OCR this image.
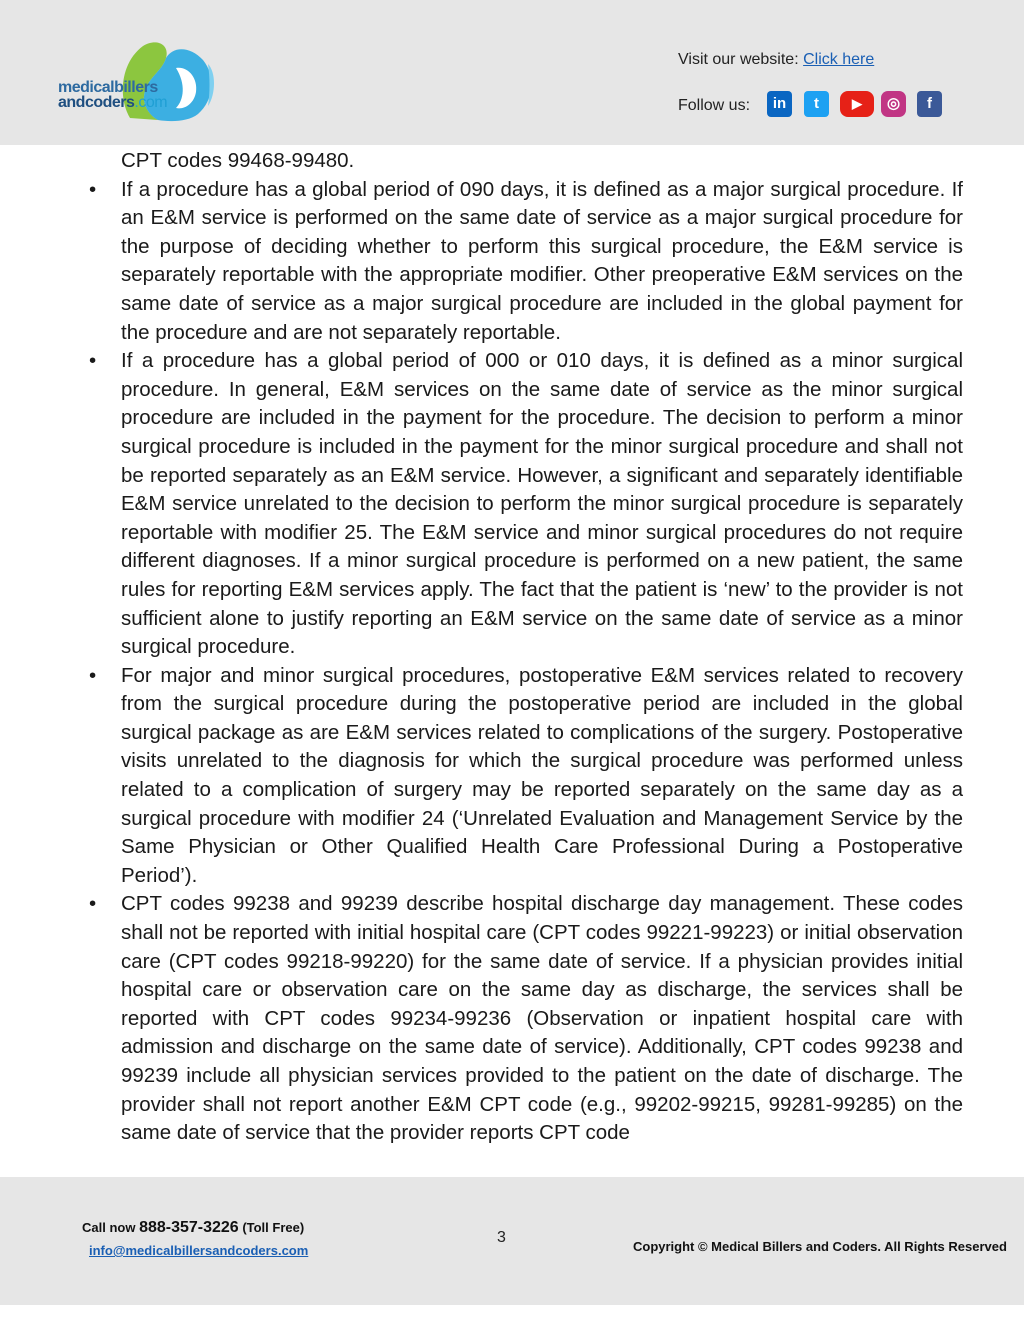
medicalbillers
andcoders.com
Visit our website: Click here
Follow us:	in	t	▶	◎	f
CPT codes 99468-99480.
• If a procedure has a global period of 090 days, it is defined as a major surgical procedure. If an E&M service is performed on the same date of service as a major surgical procedure for the purpose of deciding whether to perform this surgical procedure, the E&M service is separately reportable with the appropriate modifier. Other preoperative E&M services on the same date of service as a major surgical procedure are included in the global payment for the procedure and are not separately reportable.
• If a procedure has a global period of 000 or 010 days, it is defined as a minor surgical procedure. In general, E&M services on the same date of service as the minor surgical procedure are included in the payment for the procedure. The decision to perform a minor surgical procedure is included in the payment for the minor surgical procedure and shall not be reported separately as an E&M service. However, a significant and separately identifiable E&M service unrelated to the decision to perform the minor surgical procedure is separately reportable with modifier 25. The E&M service and minor surgical procedures do not require different diagnoses. If a minor surgical procedure is performed on a new patient, the same rules for reporting E&M services apply. The fact that the patient is ‘new’ to the provider is not sufficient alone to justify reporting an E&M service on the same date of service as a minor surgical procedure.
• For major and minor surgical procedures, postoperative E&M services related to recovery from the surgical procedure during the postoperative period are included in the global surgical package as are E&M services related to complications of the surgery. Postoperative visits unrelated to the diagnosis for which the surgical procedure was performed unless related to a complication of surgery may be reported separately on the same day as a surgical procedure with modifier 24 (‘Unrelated Evaluation and Management Service by the Same Physician or Other Qualified Health Care Professional During a Postoperative Period’).
• CPT codes 99238 and 99239 describe hospital discharge day management. These codes shall not be reported with initial hospital care (CPT codes 99221-99223) or initial observation care (CPT codes 99218-99220) for the same date of service. If a physician provides initial hospital care or observation care on the same day as discharge, the services shall be reported with CPT codes 99234-99236 (Observation or inpatient hospital care with admission and discharge on the same date of service). Additionally, CPT codes 99238 and 99239 include all physician services provided to the patient on the date of discharge. The provider shall not report another E&M CPT code (e.g., 99202-99215, 99281-99285) on the same date of service that the provider reports CPT code
Call now 888-357-3226 (Toll Free)
info@medicalbillersandcoders.com
3
Copyright © Medical Billers and Coders. All Rights Reserved
